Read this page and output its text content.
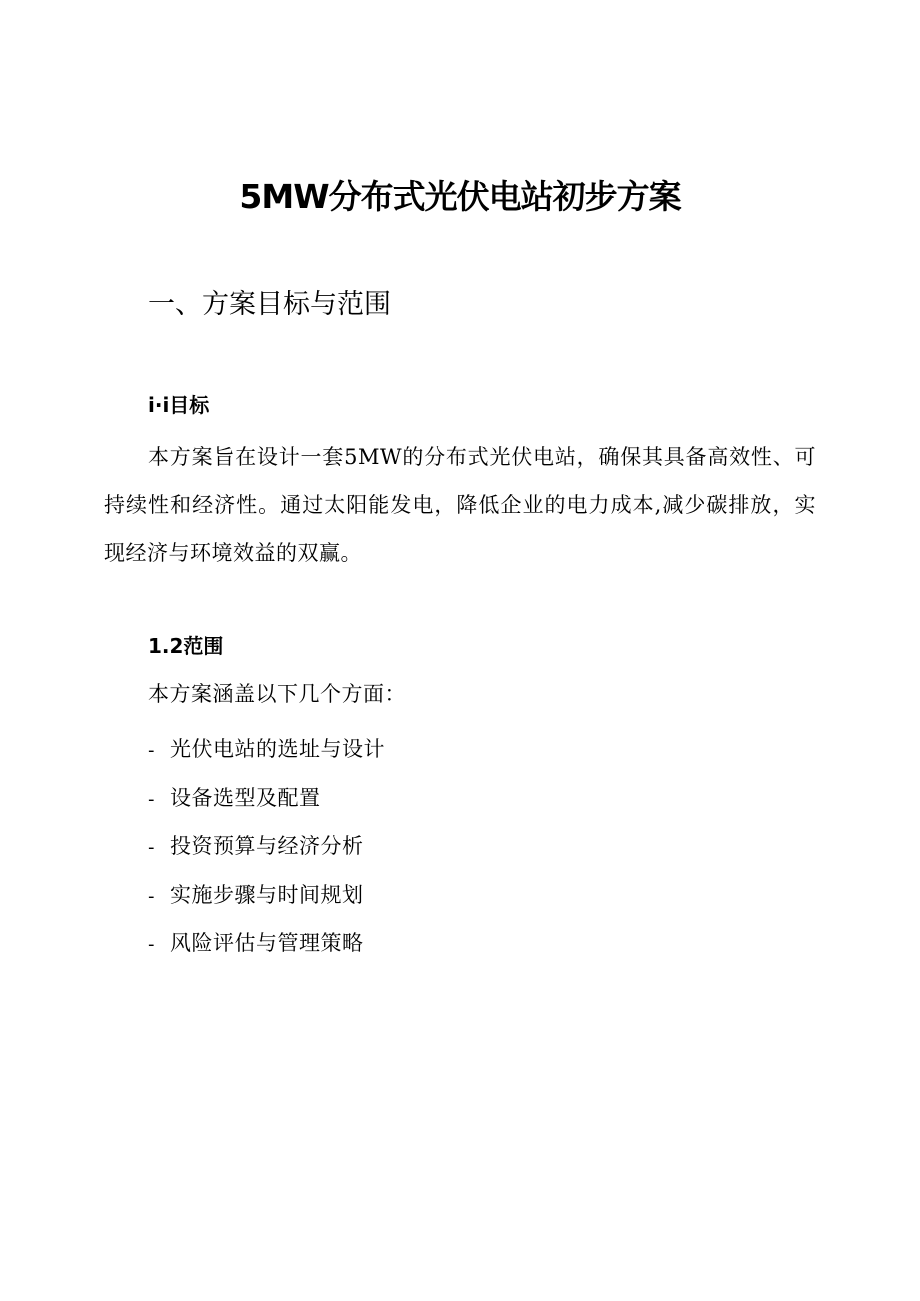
5MW分布式光伏电站初步方案
一、方案目标与范围
i·i目标

本方案旨在设计一套5MW的分布式光伏电站，确保其具备高效性、可持续性和经济性。通过太阳能发电，降低企业的电力成本,减少碳排放，实现经济与环境效益的双赢。

1.2范围

本方案涵盖以下几个方面：

- 光伏电站的选址与设计
- 设备选型及配置
- 投资预算与经济分析
- 实施步骤与时间规划
- 风险评估与管理策略
